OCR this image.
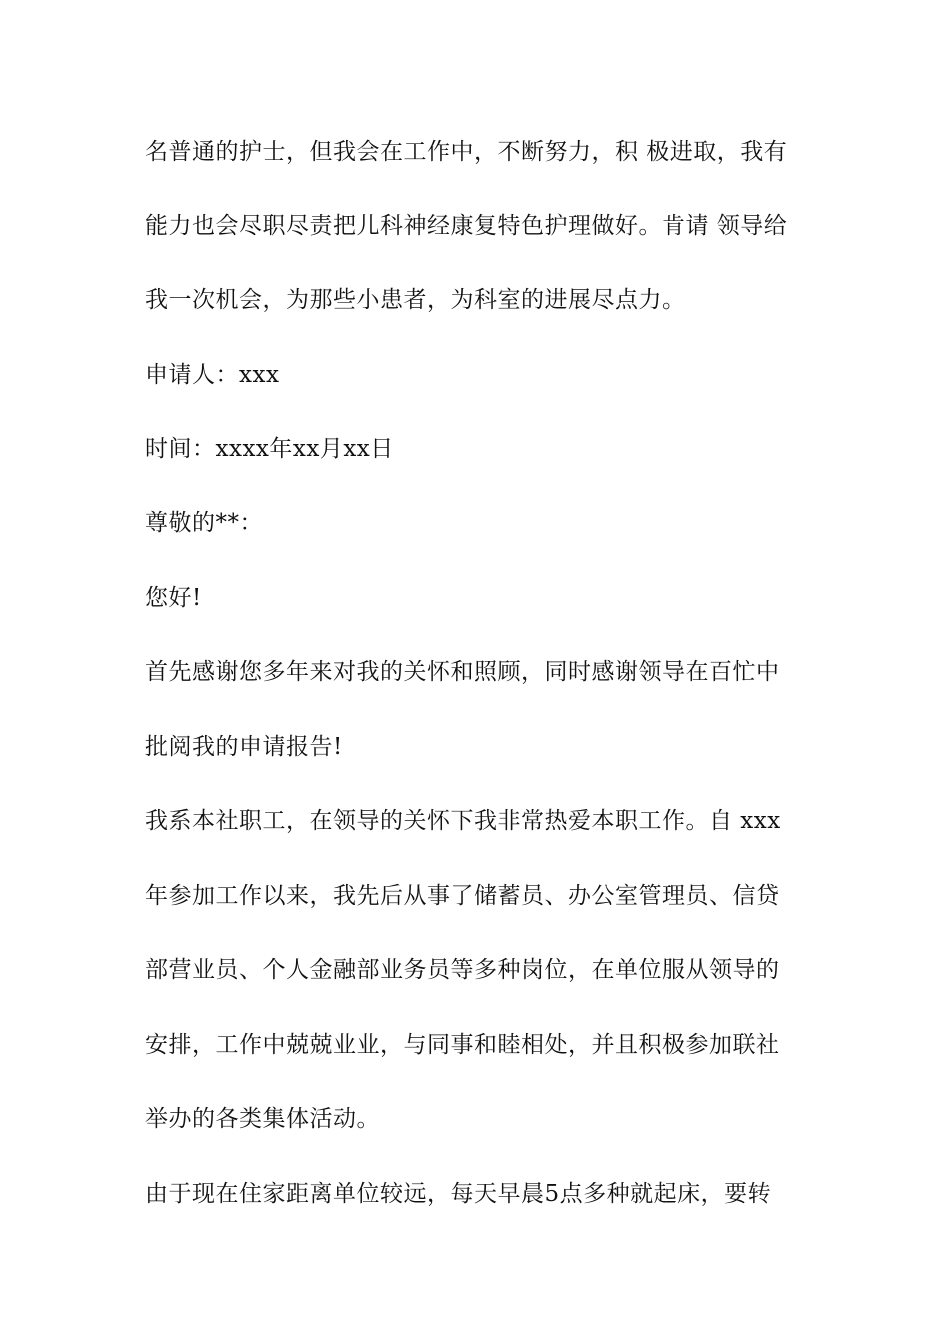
名普通的护士，但我会在工作中，不断努力，积 极进取，我有
能力也会尽职尽责把儿科神经康复特色护理做好。肯请 领导给
我一次机会，为那些小患者，为科室的进展尽点力。
申请人：xxx
时间：xxxx年xx月xx日
尊敬的**：
您好!
首先感谢您多年来对我的关怀和照顾，同时感谢领导在百忙中
批阅我的申请报告!
我系本社职工，在领导的关怀下我非常热爱本职工作。自 xxx
年参加工作以来，我先后从事了储蓄员、办公室管理员、信贷
部营业员、个人金融部业务员等多种岗位，在单位服从领导的
安排，工作中兢兢业业，与同事和睦相处，并且积极参加联社
举办的各类集体活动。
由于现在住家距离单位较远，每天早晨5点多种就起床，要转
